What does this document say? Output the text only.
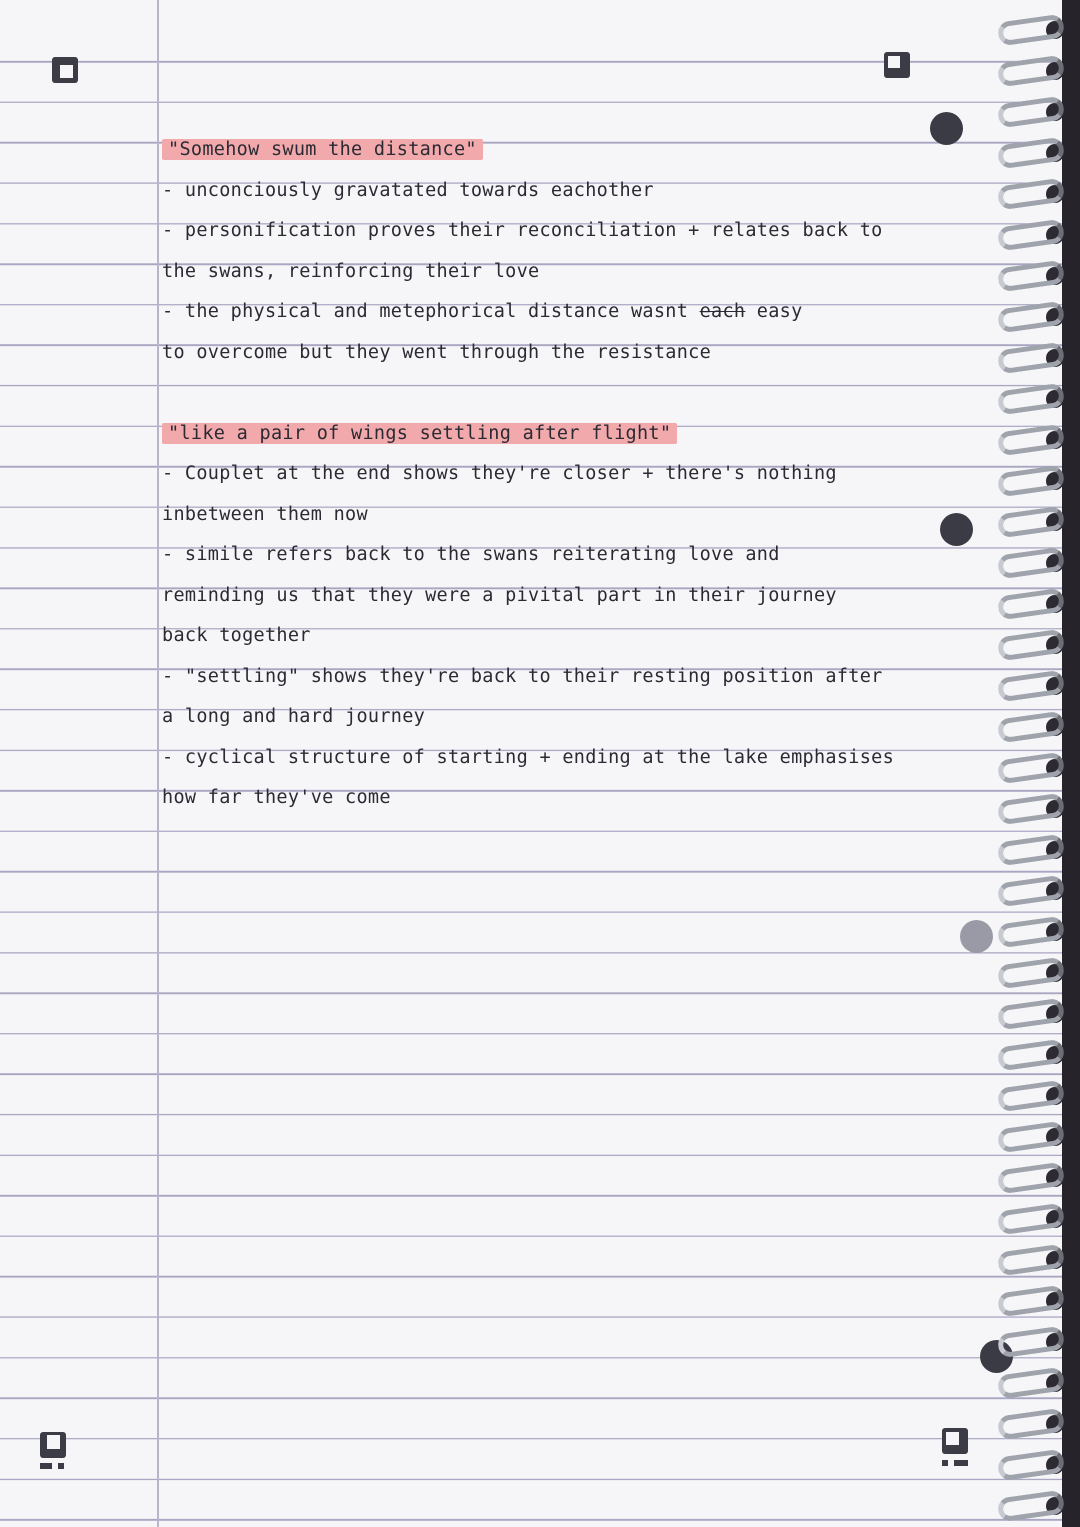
"Somehow swum the distance"
- unconciously gravatated towards eachother
- personification proves their reconciliation + relates back to
the swans, reinforcing their love
- the physical and metephorical distance wasnt each easy
to overcome but they went through the resistance
"like a pair of wings settling after flight"
- Couplet at the end shows they're closer + there's nothing
inbetween them now
- simile refers back to the swans reiterating love and
reminding us that they were a pivital part in their journey
back together
- "settling" shows they're back to their resting position after
a long and hard journey
- cyclical structure of starting + ending at the lake emphasises
how far they've come
